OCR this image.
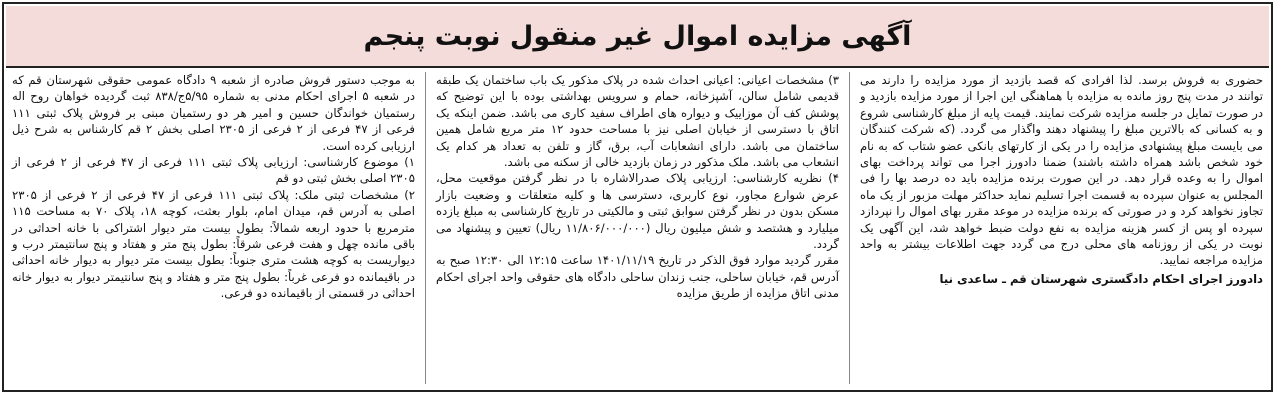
آگهی مزایده اموال غیر منقول نوبت پنجم

به موجب دستور فروش صادره از شعبه ۹ دادگاه عمومی حقوقی شهرستان قم که در شعبه ۵ اجرای احکام مدنی به شماره ۵/۹۵ج/۸۳۸ ثبت گردیده خواهان روح اله رستمیان خواندگان حسین و امیر هر دو رستمیان مبنی بر فروش پلاک ثبتی ۱۱۱ فرعی از ۴۷ فرعی از ۲ فرعی از ۲۳۰۵ اصلی بخش ۲ قم کارشناس به شرح ذیل ارزیابی کرده است.

۱) موضوع کارشناسی: ارزیابی پلاک ثبتی ۱۱۱ فرعی از ۴۷ فرعی از ۲ فرعی از ۲۳۰۵ اصلی بخش ثبتی دو قم

۲) مشخصات ثبتی ملک: پلاک ثبتی ۱۱۱ فرعی از ۴۷ فرعی از ۲ فرعی از ۲۳۰۵ اصلی به آدرس قم، میدان امام، بلوار بعثت، کوچه ۱۸، پلاک ۷۰ به مساحت ۱۱۵ مترمربع با حدود اربعه شمالاً: بطول بیست متر دیوار اشتراکی با خانه احداثی در باقی مانده چهل و هفت فرعی شرقاً: بطول پنج متر و هفتاد و پنج سانتیمتر درب و دیواریست به کوچه هشت متری جنوباً: بطول بیست متر دیوار به دیوار خانه احداثی در باقیمانده دو فرعی غرباً: بطول پنج متر و هفتاد و پنج سانتیمتر دیوار به دیوار خانه احداثی در قسمتی از باقیمانده دو فرعی.

۳) مشخصات اعیانی: اعیانی احداث شده در پلاک مذکور یک باب ساختمان یک طبقه قدیمی شامل سالن، آشپزخانه، حمام و سرویس بهداشتی بوده با این توضیح که پوشش کف آن موزاییک و دیواره های اطراف سفید کاری می باشد. ضمن اینکه یک اتاق با دسترسی از خیابان اصلی نیز با مساحت حدود ۱۲ متر مربع شامل همین ساختمان می باشد. دارای انشعابات آب، برق، گاز و تلفن به تعداد هر کدام یک انشعاب می باشد. ملک مذکور در زمان بازدید خالی از سکنه می باشد.

۴) نظریه کارشناسی: ارزیابی پلاک صدرالاشاره با در نظر گرفتن موقعیت محل، عرض شوارع مجاور، نوع کاربری، دسترسی ها و کلیه متعلقات و وضعیت بازار مسکن بدون در نظر گرفتن سوابق ثبتی و مالکیتی در تاریخ کارشناسی به مبلغ یازده میلیارد و هشتصد و شش میلیون ریال (۱۱/۸۰۶/۰۰۰/۰۰۰ ریال) تعیین و پیشنهاد می گردد.

مقرر گردید موارد فوق الذکر در تاریخ ۱۴۰۱/۱۱/۱۹ ساعت ۱۲:۱۵ الی ۱۲:۳۰ صبح به آدرس قم، خیابان ساحلی، جنب زندان ساحلی دادگاه های حقوقی واحد اجرای احکام مدنی اتاق مزایده از طریق مزایده

حضوری به فروش برسد. لذا افرادی که قصد بازدید از مورد مزایده را دارند می توانند در مدت پنج روز مانده به مزایده با هماهنگی این اجرا از مورد مزایده بازدید و در صورت تمایل در جلسه مزایده شرکت نمایند. قیمت پایه از مبلغ کارشناسی شروع و به کسانی که بالاترین مبلغ را پیشنهاد دهند واگذار می گردد. (که شرکت کنندگان می بایست مبلغ پیشنهادی مزایده را در یکی از کارتهای بانکی عضو شتاب که به نام خود شخص باشد همراه داشته باشند) ضمنا دادورز اجرا می تواند پرداخت بهای اموال را به وعده قرار دهد. در این صورت برنده مزایده باید ده درصد بها را فی المجلس به عنوان سپرده به قسمت اجرا تسلیم نماید حداکثر مهلت مزبور از یک ماه تجاوز نخواهد کرد و در صورتی که برنده مزایده در موعد مقرر بهای اموال را نپردازد سپرده او پس از کسر هزینه مزایده به نفع دولت ضبط خواهد شد، این آگهی یک نوبت در یکی از روزنامه های محلی درج می گردد جهت اطلاعات بیشتر به واحد مزایده مراجعه نمایید.

دادورز اجرای احکام دادگستری شهرستان قم ـ ساعدی نیا
